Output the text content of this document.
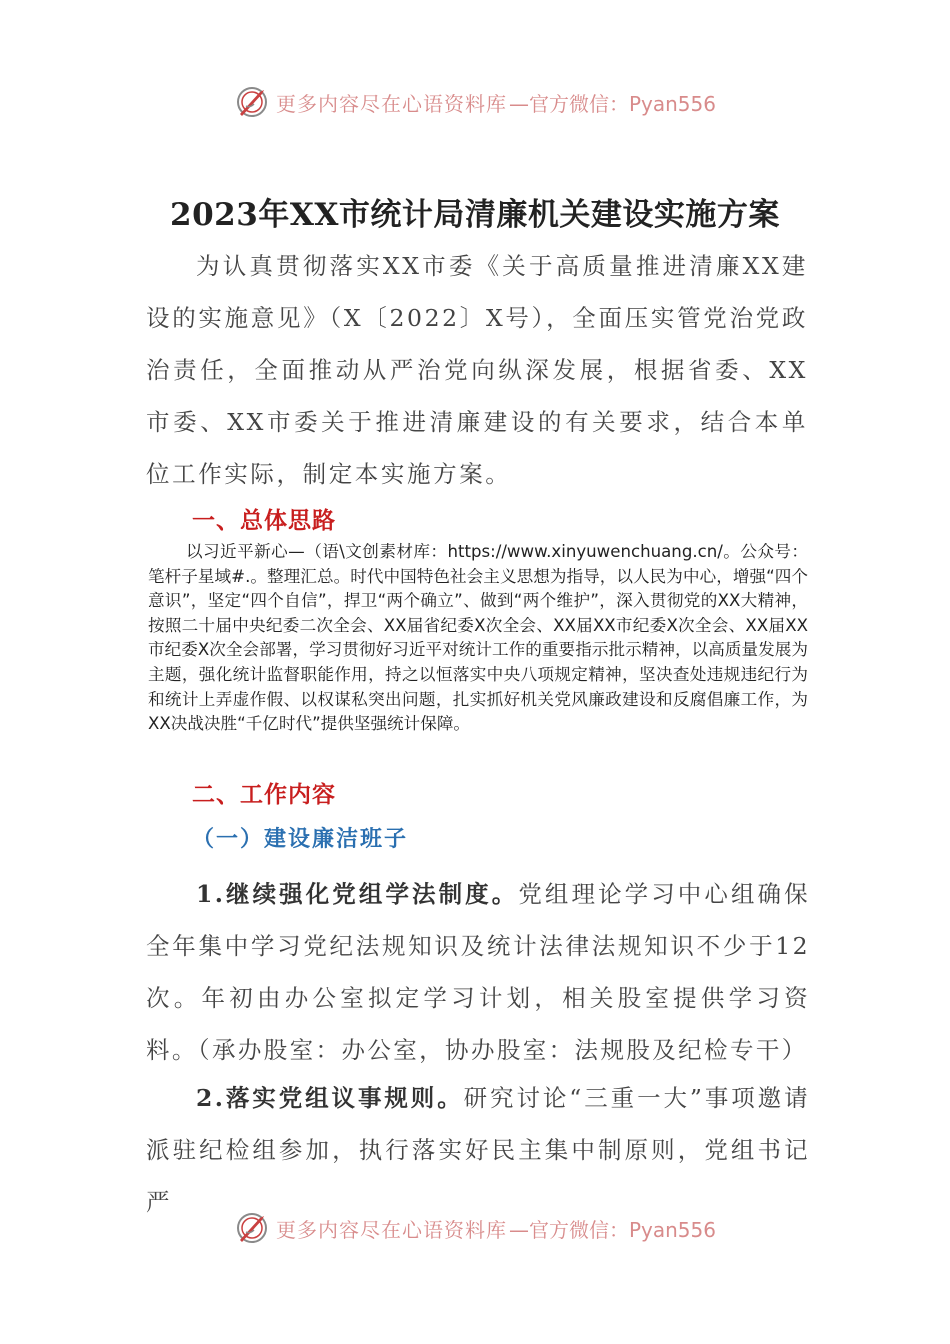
更多内容尽在心语资料库 —官方微信：Pyan556
2023年XX市统计局清廉机关建设实施方案

为认真贯彻落实XX市委《关于高质量推进清廉XX建设的实施意见》（X〔2022〕X号），全面压实管党治党政治责任，全面推动从严治党向纵深发展，根据省委、XX市委、XX市委关于推进清廉建设的有关要求，结合本单位工作实际，制定本实施方案。

一、总体思路

以习近平新心—（语\文创素材库：https://www.xinyuwenchuang.cn/。公众号：笔杆子星域#.。整理汇总。时代中国特色社会主义思想为指导，以人民为中心，增强“四个意识”，坚定“四个自信”，捍卫“两个确立”、做到“两个维护”，深入贯彻党的XX大精神，按照二十届中央纪委二次全会、XX届省纪委X次全会、XX届XX市纪委X次全会、XX届XX市纪委X次全会部署，学习贯彻好习近平对统计工作的重要指示批示精神，以高质量发展为主题，强化统计监督职能作用，持之以恒落实中央八项规定精神，坚决查处违规违纪行为和统计上弄虚作假、以权谋私突出问题，扎实抓好机关党风廉政建设和反腐倡廉工作，为XX决战决胜“千亿时代”提供坚强统计保障。

二、工作内容
（一）建设廉洁班子

1.继续强化党组学法制度。党组理论学习中心组确保全年集中学习党纪法规知识及统计法律法规知识不少于12次。年初由办公室拟定学习计划，相关股室提供学习资料。（承办股室：办公室，协办股室：法规股及纪检专干）

2.落实党组议事规则。研究讨论“三重一大”事项邀请派驻纪检组参加，执行落实好民主集中制原则，党组书记严

更多内容尽在心语资料库 —官方微信：Pyan556
